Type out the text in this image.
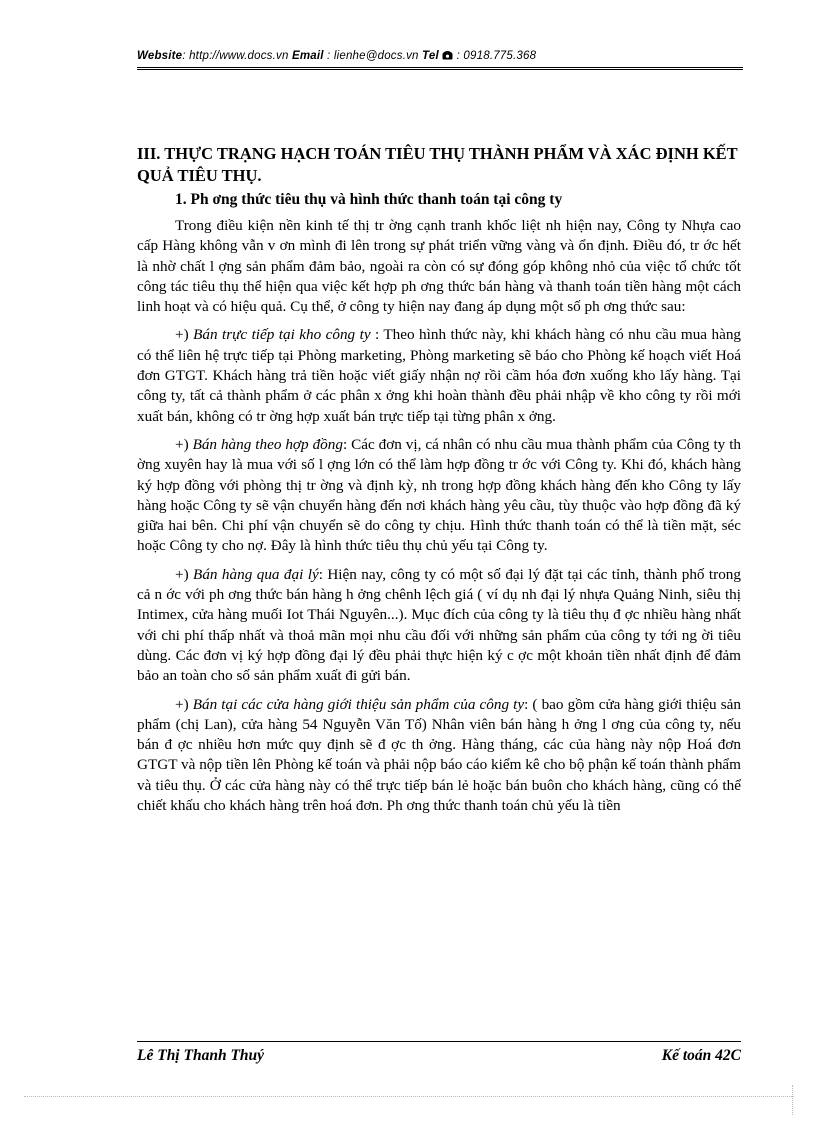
Website: http://www.docs.vn Email : lienhe@docs.vn Tel  : 0918.775.368
III. THỰC TRẠNG HẠCH TOÁN TIÊU THỤ THÀNH PHẨM VÀ XÁC ĐỊNH KẾT QUẢ TIÊU THỤ.
1. Ph ơng thức tiêu thụ và hình thức thanh toán tại công ty

Trong điều kiện nền kinh tế thị tr ờng cạnh tranh khốc liệt nh hiện nay, Công ty Nhựa cao cấp Hàng không vẫn v ơn mình đi lên trong sự phát triển vững vàng và ổn định. Điều đó, tr ớc hết là nhờ chất l ợng sản phẩm đảm bảo, ngoài ra còn có sự đóng góp không nhỏ của việc tổ chức tốt công tác tiêu thụ thể hiện qua việc kết hợp ph ơng thức bán hàng và thanh toán tiền hàng một cách linh hoạt và có hiệu quả. Cụ thể, ở công ty hiện nay đang áp dụng một số ph ơng thức sau:

+) Bán trực tiếp tại kho công ty : Theo hình thức này, khi khách hàng có nhu cầu mua hàng có thể liên hệ trực tiếp tại Phòng marketing, Phòng marketing sẽ báo cho Phòng kế hoạch viết Hoá đơn GTGT. Khách hàng trả tiền hoặc viết giấy nhận nợ rồi cầm hóa đơn xuống kho lấy hàng. Tại công ty, tất cả thành phẩm ở các phân x ởng khi hoàn thành đều phải nhập về kho công ty rồi mới xuất bán, không có tr ờng hợp xuất bán trực tiếp tại từng phân x ởng.

+) Bán hàng theo hợp đồng: Các đơn vị, cá nhân có nhu cầu mua thành phẩm của Công ty th ờng xuyên hay là mua với số l ợng lớn có thể làm hợp đồng tr ớc với Công ty. Khi đó, khách hàng ký hợp đồng với phòng thị tr ờng và định kỳ, nh trong hợp đồng khách hàng đến kho Công ty lấy hàng hoặc Công ty sẽ vận chuyển hàng đến nơi khách hàng yêu cầu, tùy thuộc vào hợp đồng đã ký giữa hai bên. Chi phí vận chuyển sẽ do công ty chịu. Hình thức thanh toán có thể là tiền mặt, séc hoặc Công ty cho nợ. Đây là hình thức tiêu thụ chủ yếu tại Công ty.

+) Bán hàng qua đại lý: Hiện nay, công ty có một số đại lý đặt tại các tỉnh, thành phố trong cả n ớc với ph ơng thức bán hàng h ởng chênh lệch giá ( ví dụ nh đại lý nhựa Quảng Ninh, siêu thị Intimex, cửa hàng muối Iot Thái Nguyên...). Mục đích của công ty là tiêu thụ đ ợc nhiều hàng nhất với chi phí thấp nhất và thoả mãn mọi nhu cầu đối với những sản phẩm của công ty tới ng ời tiêu dùng. Các đơn vị ký hợp đồng đại lý đều phải thực hiện ký c ợc một khoản tiền nhất định để đảm bảo an toàn cho số sản phẩm xuất đi gửi bán.

+) Bán tại các cửa hàng giới thiệu sản phẩm của công ty: ( bao gồm cửa hàng giới thiệu sản phẩm (chị Lan), cửa hàng 54 Nguyễn Văn Tố) Nhân viên bán hàng h ởng l ơng của công ty, nếu bán đ ợc nhiều hơn mức quy định sẽ đ ợc th ởng. Hàng tháng, các của hàng này nộp Hoá đơn GTGT và nộp tiền lên Phòng kế toán và phải nộp báo cáo kiểm kê cho bộ phận kế toán thành phẩm và tiêu thụ. Ở các cửa hàng này có thể trực tiếp bán lẻ hoặc bán buôn cho khách hàng, cũng có thể chiết khấu cho khách hàng trên hoá đơn. Ph ơng thức thanh toán chủ yếu là tiền

Lê Thị Thanh Thuý	Kế toán 42C
